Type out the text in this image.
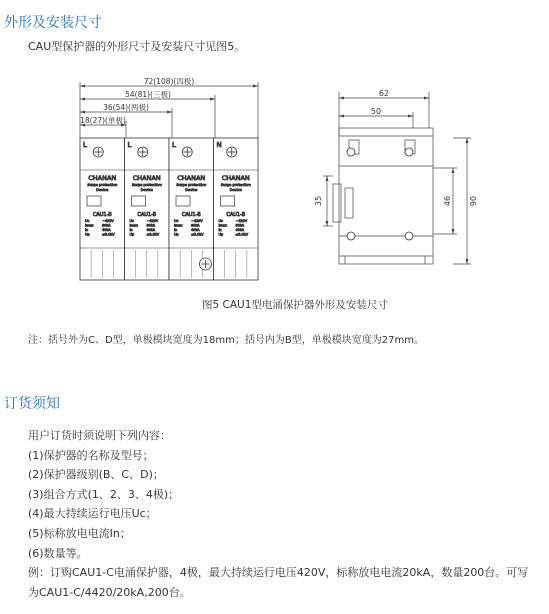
外形及安装尺寸
CAU型保护器的外形尺寸及安装尺寸见图5。
72(108)(四极)
54(81)(三极)
36(54)(两极)
18(27)(单极)
L
CHANAN
Surge protective
Device
CAU1-B
Uc	~420V
Imax	80kA
In	40kA
Up	≤3.0kV
L
CHANAN
Surge protective
Device
CAU1-B
Uc	~420V
Imax	80kA
In	40kA
Up	≤3.0kV
L
CHANAN
Surge protective
Device
CAU1-B
Uc	~420V
Imax	80kA
In	40kA
Up	≤3.0kV
N
CHANAN
Surge protective
Device
CAU1-B
Uc	~420V
Imax	80kA
In	40kA
Up	≤3.0kV
62
50
35	46 90
图5 CAU1型电涌保护器外形及安装尺寸
注：括号外为C、D型，单极模块宽度为18mm；括号内为B型，单极模块宽度为27mm。
订货须知
用户订货时须说明下列内容：
(1)保护器的名称及型号；
(2)保护器级别(B、C、D)；
(3)组合方式(1、2、3、4极)；
(4)最大持续运行电压Uc；
(5)标称放电电流In；
(6)数量等。
例：订购CAU1-C电涌保护器，4极，最大持续运行电压420V，标称放电电流20kA，数量200台。可写
为CAU1-C/4420/20kA,200台。
